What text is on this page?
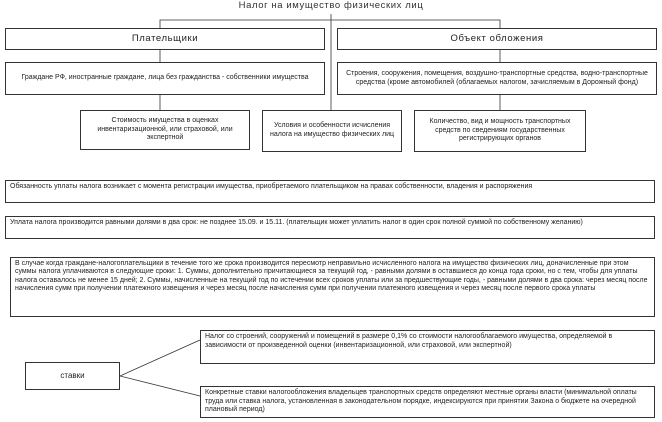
Налог на имущество физических лиц
Плательщики	Объект обложения
Граждане РФ, иностранные граждане, лица без гражданства - собственники имущества
Строения, сооружения, помещения, воздушно-транспортные средства, водно-транспортные средства (кроме автомобилей (облагаемых налогом, зачисляемым в Дорожный фонд)
Стоимость имущества в оценках инвентаризационной, или страховой, или экспертной
Условия и особенности исчисления налога на имущество физических лиц
Количество, вид и мощность транспортных средств по сведениям государственных регистрирующих органов
Обязанность уплаты налога возникает с момента регистрации имущества, приобретаемого плательщиком на правах собственности, владения и распоряжения
Уплата налога производится равными долями в два срок: не позднее 15.09. и 15.11. (плательщик может уплатить налог в один срок полной суммой по собственному желанию)
В случае когда граждане-налогоплательщики в течение того же срока производится пересмотр неправильно исчисленного налога на имущество физических лиц, доначисленные при этом суммы налога уплачиваются в следующие сроки: 1. Суммы, дополнительно причитающиеся за текущий год, - равными долями в оставшиеся до конца года сроки, но с тем, чтобы для уплаты налога оставалось не менее 15 дней; 2. Суммы, начисленные на текущий год по истечении всех сроков уплаты или за предшествующие годы, - равными долями в два срока: через месяц после начисления сумм при получении платежного извещения и через месяц после начисления сумм при получении платежного извещения и через месяц после первого срока уплаты
ставки
Налог со строений, сооружений и помещений в размере 0,1% со стоимости налогооблагаемого имущества, определяемой в зависимости от произведенной оценки (инвентаризационной, или страховой, или экспертной)
Конкретные ставки налогообложения владельцев транспортных средств определяют местные органы власти (минимальной оплаты труда или ставка налога, установленная в законодательном порядке, индексируются при принятии Закона о бюджете на очередной плановый период)
